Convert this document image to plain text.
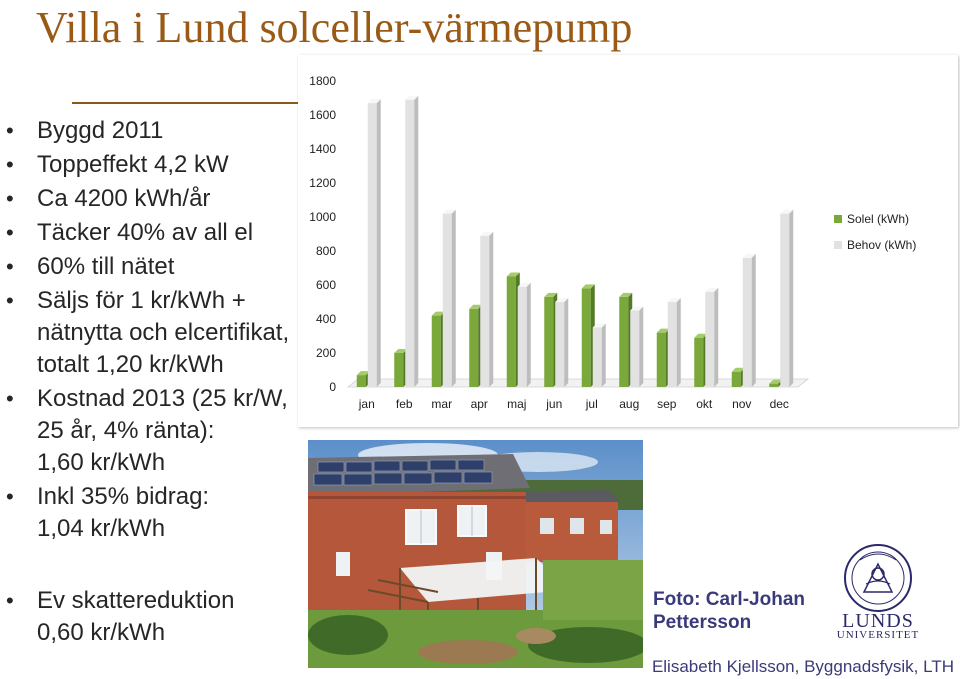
Villa i Lund solceller-värmepump
• Byggd 2011
• Toppeffekt 4,2 kW
• Ca 4200 kWh/år
• Täcker 40% av all el
• 60% till nätet
• Säljs för 1 kr/kWh +
nätnytta och elcertifikat,
totalt 1,20 kr/kWh
• Kostnad 2013 (25 kr/W,
25 år, 4% ränta):
1,60 kr/kWh
• Inkl 35% bidrag:
1,04 kr/kWh
• Ev skattereduktion
0,60 kr/kWh
0
200
400
600
800
1000
1200
1400
1600
1800
jan feb mar apr maj jun jul aug sep okt nov dec
Solel (kWh)
Behov (kWh)
Foto: Carl-Johan
Pettersson	LUNDS
UNIVERSITET
Elisabeth Kjellsson, Byggnadsfysik, LTH
